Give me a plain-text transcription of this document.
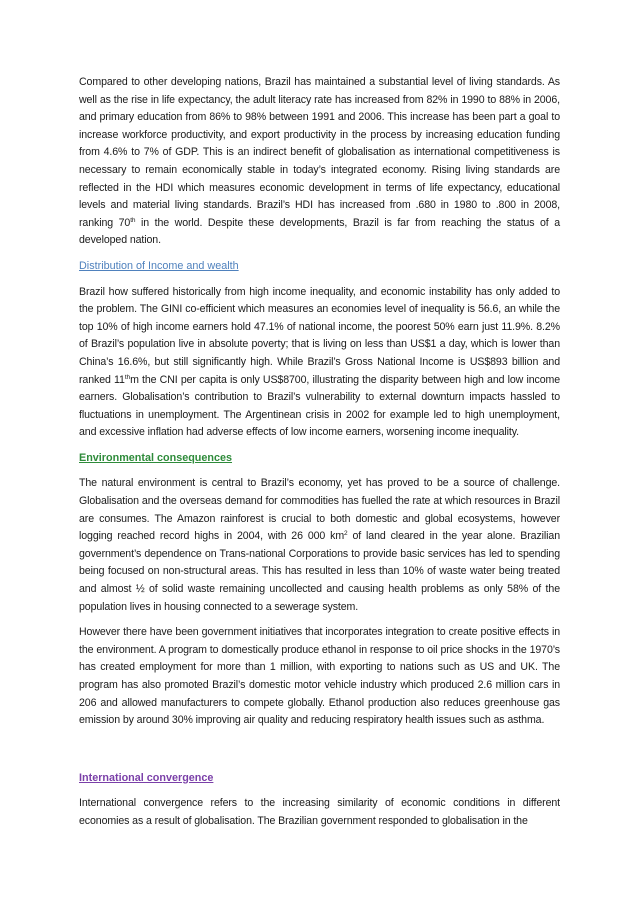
Compared to other developing nations, Brazil has maintained a substantial level of living standards. As well as the rise in life expectancy, the adult literacy rate has increased from 82% in 1990 to 88% in 2006, and primary education from 86% to 98% between 1991 and 2006. This increase has been part a goal to increase workforce productivity, and export productivity in the process by increasing education funding from 4.6% to 7% of GDP. This is an indirect benefit of globalisation as international competitiveness is necessary to remain economically stable in today’s integrated economy. Rising living standards are reflected in the HDI which measures economic development in terms of life expectancy, educational levels and material living standards. Brazil’s HDI has increased from .680 in 1980 to .800 in 2008, ranking 70th in the world. Despite these developments, Brazil is far from reaching the status of a developed nation.

Distribution of Income and wealth

Brazil how suffered historically from high income inequality, and economic instability has only added to the problem. The GINI co-efficient which measures an economies level of inequality is 56.6, an while the top 10% of high income earners hold 47.1% of national income, the poorest 50% earn just 11.9%. 8.2% of Brazil’s population live in absolute poverty; that is living on less than US$1 a day, which is lower than China’s 16.6%, but still significantly high. While Brazil’s Gross National Income is US$893 billion and ranked 11thm the CNI per capita is only US$8700, illustrating the disparity between high and low income earners. Globalisation’s contribution to Brazil’s vulnerability to external downturn impacts hassled to fluctuations in unemployment. The Argentinean crisis in 2002 for example led to high unemployment, and excessive inflation had adverse effects of low income earners, worsening income inequality.

Environmental consequences

The natural environment is central to Brazil’s economy, yet has proved to be a source of challenge. Globalisation and the overseas demand for commodities has fuelled the rate at which resources in Brazil are consumes. The Amazon rainforest is crucial to both domestic and global ecosystems, however logging reached record highs in 2004, with 26 000 $km^2$ of land cleared in the year alone. Brazilian government’s dependence on Trans-national Corporations to provide basic services has led to spending being focused on non-structural areas. This has resulted in less than 10% of waste water being treated and almost ½ of solid waste remaining uncollected and causing health problems as only 58% of the population lives in housing connected to a sewerage system.

However there have been government initiatives that incorporates integration to create positive effects in the environment. A program to domestically produce ethanol in response to oil price shocks in the 1970’s has created employment for more than 1 million, with exporting to nations such as US and UK. The program has also promoted Brazil’s domestic motor vehicle industry which produced 2.6 million cars in 206 and allowed manufacturers to compete globally. Ethanol production also reduces greenhouse gas emission by around 30% improving air quality and reducing respiratory health issues such as asthma.

International convergence

International convergence refers to the increasing similarity of economic conditions in different economies as a result of globalisation. The Brazilian government responded to globalisation in the
